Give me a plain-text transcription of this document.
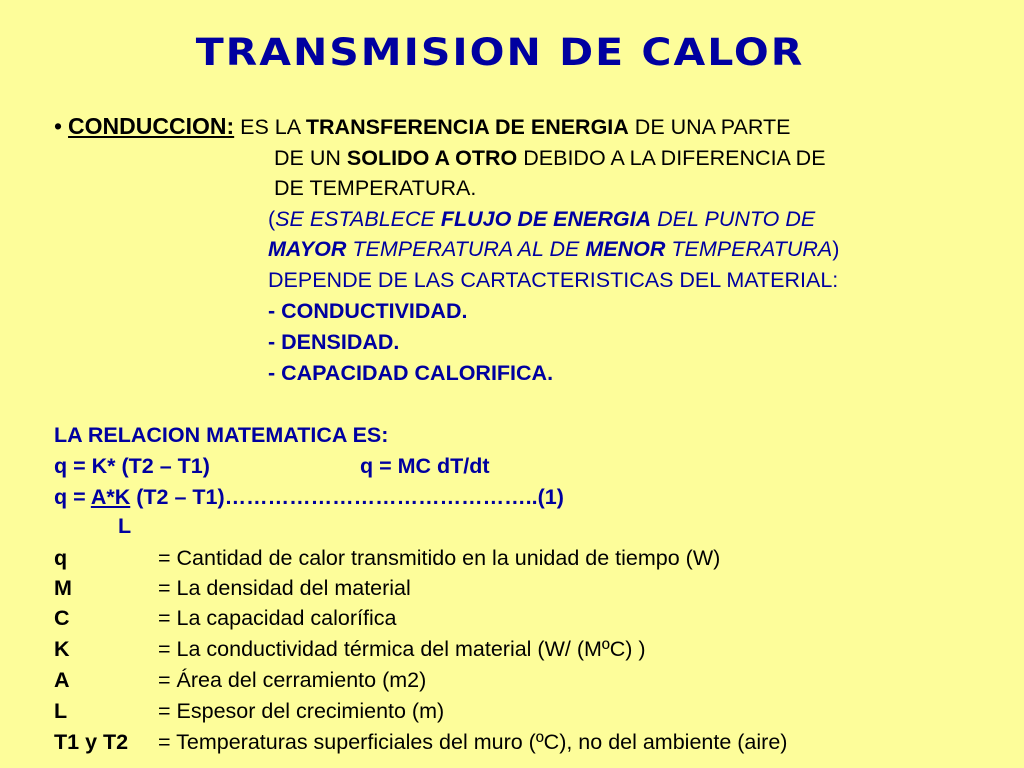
TRANSMISION DE CALOR
• CONDUCCION: ES LA TRANSFERENCIA DE ENERGIA DE UNA PARTE
DE UN SOLIDO A OTRO DEBIDO A LA DIFERENCIA DE
DE TEMPERATURA.
(SE ESTABLECE FLUJO DE ENERGIA DEL PUNTO DE
MAYOR TEMPERATURA AL DE MENOR TEMPERATURA)
DEPENDE DE LAS CARTACTERISTICAS DEL MATERIAL:
- CONDUCTIVIDAD.
- DENSIDAD.
- CAPACIDAD CALORIFICA.
LA RELACION MATEMATICA ES:
q = K* (T2 – T1)	q = MC dT/dt
q = A*K (T2 – T1)……………………………………..(1)
L
q	= Cantidad de calor transmitido en la unidad de tiempo (W)
M	= La densidad del material
C	= La capacidad calorífica
K	= La conductividad térmica del material (W/ (MºC) )
A	= Área del cerramiento (m2)
L	= Espesor del crecimiento (m)
T1 y T2 = Temperaturas superficiales del muro (ºC), no del ambiente (aire)
